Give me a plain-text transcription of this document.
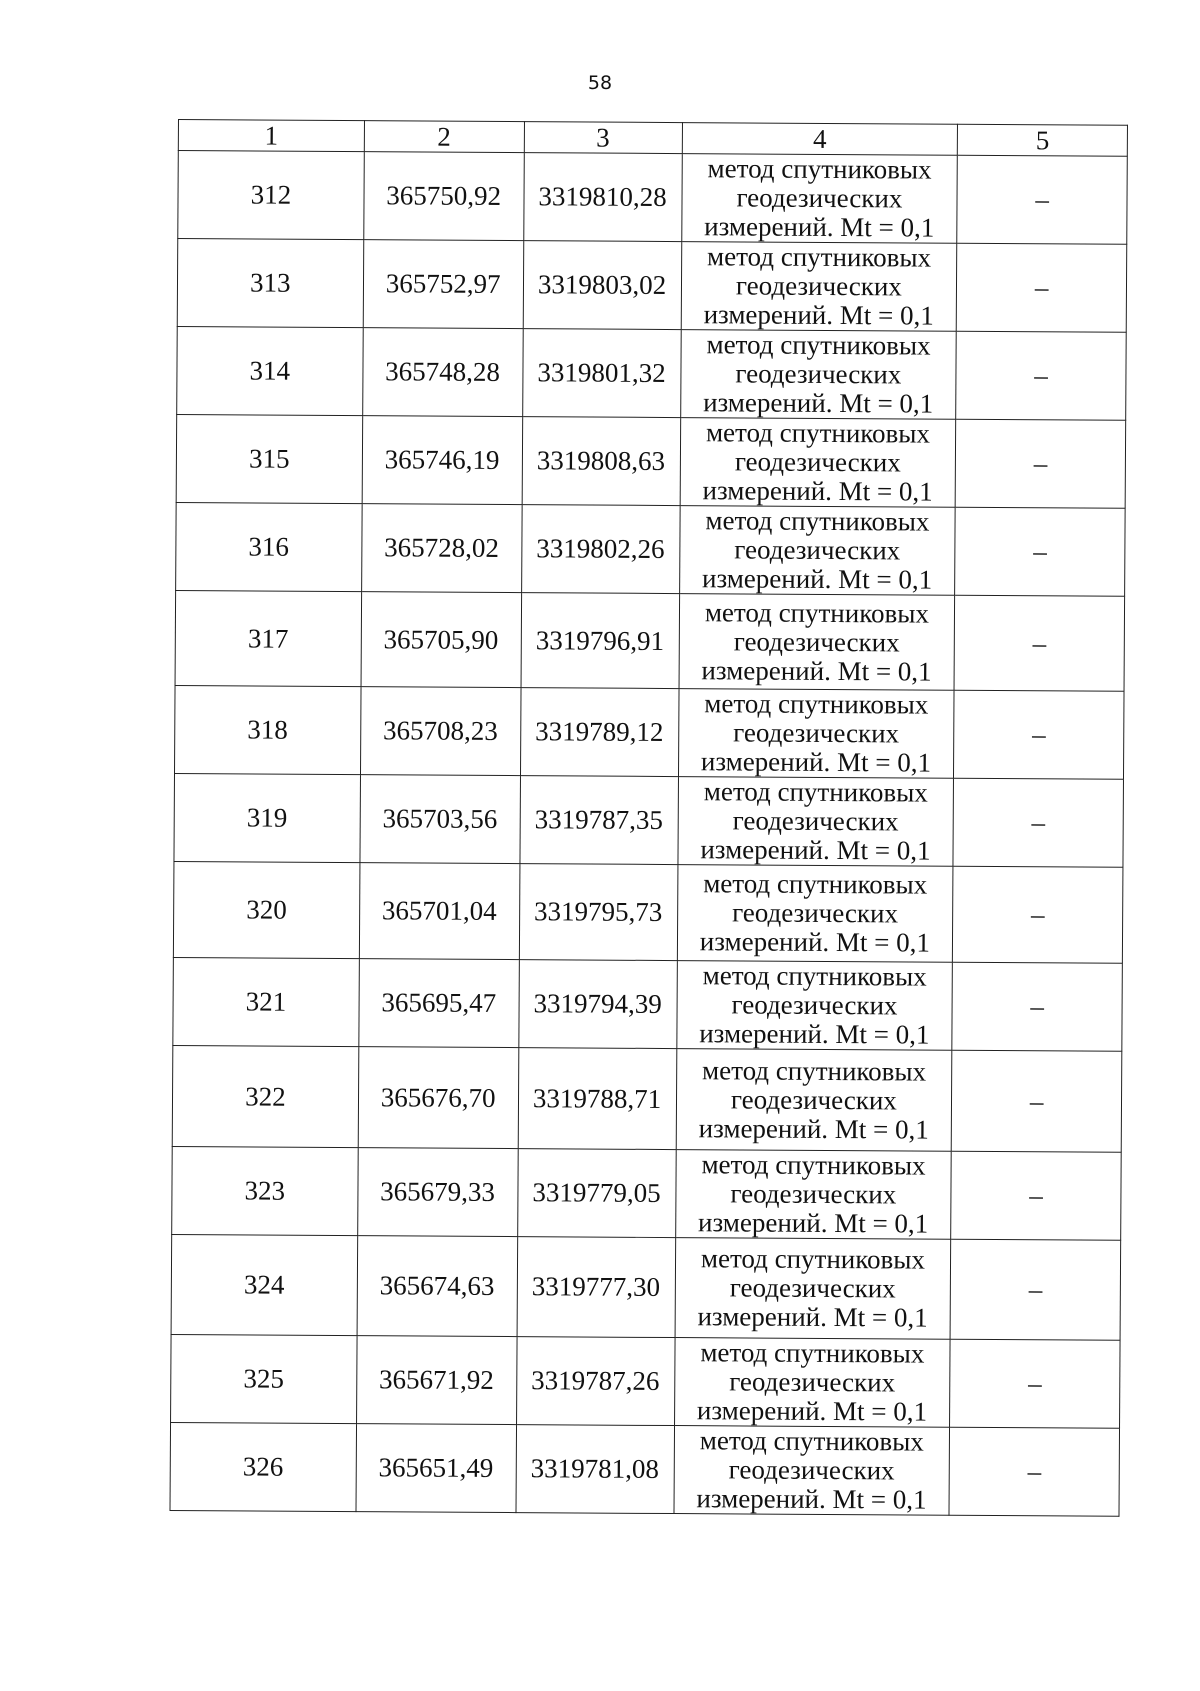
58
1	2	3	4	5
312	365750,92	3319810,28	метод спутниковых
геодезических
измерений. Mt = 0,1	–
313	365752,97	3319803,02	метод спутниковых
геодезических
измерений. Mt = 0,1	–
314	365748,28	3319801,32	метод спутниковых
геодезических
измерений. Mt = 0,1	–
315	365746,19	3319808,63	метод спутниковых
геодезических
измерений. Mt = 0,1	–
316	365728,02	3319802,26	метод спутниковых
геодезических
измерений. Mt = 0,1	–
317	365705,90	3319796,91	метод спутниковых
геодезических
измерений. Mt = 0,1	–
318	365708,23	3319789,12	метод спутниковых
геодезических
измерений. Mt = 0,1	–
319	365703,56	3319787,35	метод спутниковых
геодезических
измерений. Mt = 0,1	–
320	365701,04	3319795,73	метод спутниковых
геодезических
измерений. Mt = 0,1	–
321	365695,47	3319794,39	метод спутниковых
геодезических
измерений. Mt = 0,1	–
322	365676,70	3319788,71	метод спутниковых
геодезических
измерений. Mt = 0,1	–
323	365679,33	3319779,05	метод спутниковых
геодезических
измерений. Mt = 0,1	–
324	365674,63	3319777,30	метод спутниковых
геодезических
измерений. Mt = 0,1	–
325	365671,92	3319787,26	метод спутниковых
геодезических
измерений. Mt = 0,1	–
326	365651,49	3319781,08	метод спутниковых
геодезических
измерений. Mt = 0,1	–
